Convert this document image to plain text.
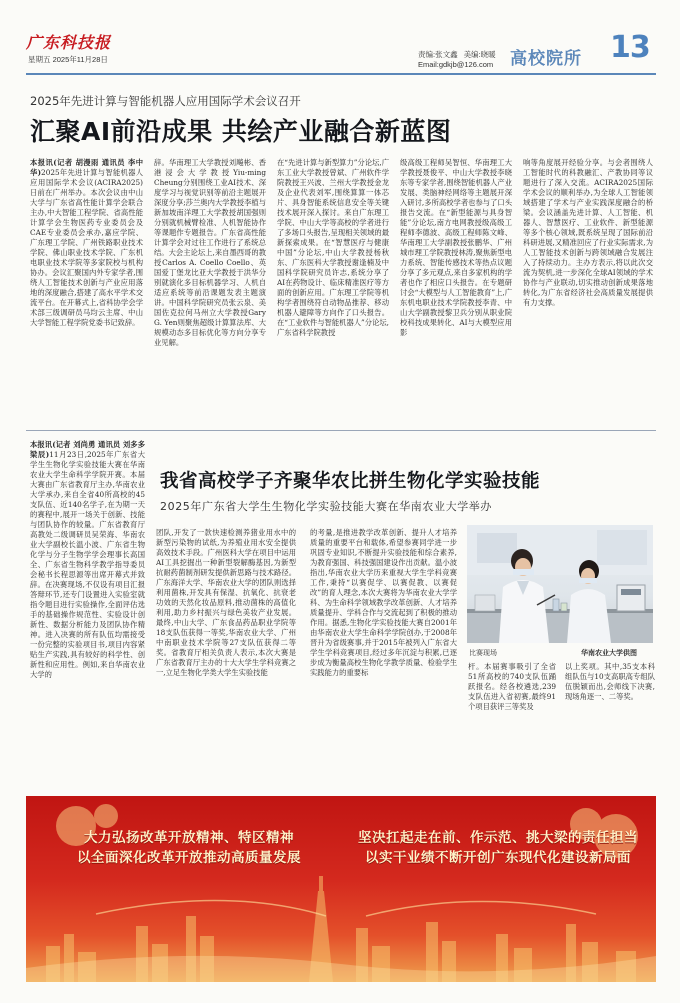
广东科技报
星期五 2025年11月28日
责编:张文鑫 美编:晓暖
Email:gdkjb@126.com 高校院所 13
2025年先进计算与智能机器人应用国际学术会议召开
汇聚AI前沿成果 共绘产业融合新蓝图
本报讯(记者 胡漫雨 通讯员 李中华)2025年先进计算与智能机器人应用国际学术会议(ACIRA2025)日前在广州举办。本次会议由中山大学与广东省高性能计算学会联合主办,中大智能工程学院、省高性能计算学会生物医药专业委员会及CAE专业委员会承办,嘉应学院、广东理工学院、广州铁路职业技术学院、佛山职业技术学院、广东机电职业技术学院等多家院校与机构协办。会议汇聚国内外专家学者,围绕人工智能技术创新与产业应用落地的深度融合,搭建了高水平学术交流平台。在开幕式上,省科协学会学术部三级调研员马均云主席、中山大学智能工程学院党委书记致辞。
辞。华南理工大学教授刘飚彬、香港浸会大学教授Yiu-ming Cheung分别围绕工业AI技术、深度学习与视觉识别等前沿主题展开深度分享;莎兰奥内大学教授李植与新加坡南洋理工大学教授胡国强则分别就机械臂检准、人机智能协作等课题作专题报告。广东省高性能计算学会对过往工作进行了系统总结。大会主论坛上,来自墨西哥的教授Carlos A. Coello Coello、英国爱丁堡龙比亚大学教授于洪华分别就演化多目标机器学习、人机自适应系统等前沿课题发表主题演讲。中国科学院研究员张云泉、美国佐克拉何马州立大学教授Gary G. Yen则聚焦超级计算算法库、大规模动态多目标优化等方向分享专业见解。
在“先进计算与新型算力”分论坛,广东工业大学教授曾斌、广州软件学院教授王兴波、兰州大学教授金龙及企业代表刘军,围绕算算一体芯片、具身智能系统信息安全等关键技术展开深入探讨。来自广东理工学院、中山大学等高校的学者进行了多场口头报告,呈现相关领域的最新探索成果。在“智慧医疗与健康中国”分论坛,中山大学教授杨秋东、广东医科大学教授谢逢楠及中国科学院研究员许志,系统分享了AI在药物设计、临床精准医疗等方面的创新应用。广东理工学院等机构学者围绕符自动物品推荐、移动机器人避障等方向作了口头报告。在“工业软件与智能机器人”分论坛,广东省科学院教授
级高级工程师吴智恒、华南理工大学教授聂俊平、中山大学教授李晓东等专家学者,围绕智能机器人产业发展、类脑神经网络等主题展开深入研讨,多所高校学者也参与了口头报告交流。在“新型能源与具身智能”分论坛,南方电网教授级高级工程师李德波、高级工程师陈文峰、华南理工大学副教授张鹏华、广州城市理工学院教授林涛,聚焦新型电力系统、智能传感技术等热点议题分享了多元观点,来自多家机构的学者也作了相应口头报告。在专题研讨会“大模型与人工智能教育”上,广东机电职业技术学院教授李青、中山大学副教授黎卫兵分别从职业院校科技成果转化、AI与大模型应用影
响等角度展开经验分享。与会者围绕人工智能时代的科教融汇、产教协同等议题进行了深入交流。ACIRA2025国际学术会议的顺利举办,为全球人工智能领域搭建了学术与产业实践深度融合的桥梁。会议涵盖先进计算、人工智能、机器人、智慧医疗、工业软件、新型能源等多个核心领域,既系统呈现了国际前沿科研进展,又精准回应了行业实际需求,为人工智能技术创新与跨领域融合发展注入了持续动力。主办方表示,将以此次交流为契机,进一步深化全球AI领域的学术协作与产业联动,切实推动创新成果落地转化,为广东省经济社会高质量发展提供有力支撑。
我省高校学子齐聚华农比拼生物化学实验技能
2025年广东省大学生生物化学实验技能大赛在华南农业大学举办
本报讯(记者 刘尚勇 通讯员 刘多多 梁辰)11月23日,2025年广东省大学生生物化学实验技能大赛在华南农业大学生命科学学院开赛。本届大赛由广东省教育厅主办,华南农业大学承办,来自全省40所高校的45支队伍、近140名学子,在为期一天的赛程中,展开一场关于创新、技能与团队协作的较量。广东省教育厅高教处二级调研员吴荣海、华南农业大学副校长温小波、广东省生物化学与分子生物学学会理事长高国全、广东省生物科学教学指导委员会秘书长程思源等出席开幕式并致辞。在决赛现场,不仅设有项目汇报答辩环节,还专门设置进入实验室就指令题目进行实验操作,全面评估选手的基础操作规范性、实验设计创新性、数据分析能力及团队协作精神。进入决赛的所有队伍均需接受一份完整的实验项目书,项目内容紧贴生产实践,具有较好的科学性、创新性和应用性。例如,来自华南农业大学的
团队,开发了一款快速检测养猪业用水中的新型污染物的试纸,为养殖业用水安全提供高效技术手段。广州医科大学在项目中运用AI工具挖掘出一种新型裂解酶基因,为新型抗耐药菌制剂研发提供新思路与技术路径。广东海洋大学、华南农业大学的团队则选择利用菌株,开发具有保湿、抗氧化、抗衰老功效的天然化妆品原料,推动菌株的高值化利用,助力乡村振兴与绿色美妆产业发展。最终,中山大学、广东食品药品职业学院等18支队伍获得一等奖,华南农业大学、广州中南职业技术学院等27支队伍获得二等奖。省教育厅相关负责人表示,本次大赛是广东省教育厅主办的十大大学生学科竞赛之一,立足生物化学类大学生实验技能
的考量,是推进教学改革创新、提升人才培养质量的重要平台和载体,希望参赛同学进一步巩固专业知识,不断提升实验技能和综合素养,为教育强国、科技强国建设作出贡献。温小波指出,华南农业大学历来重视大学生学科竞赛工作,秉持“以赛促学、以赛促教、以赛促改”的育人理念,本次大赛将为华南农业大学学科、为生命科学领域教学改革创新、人才培养质量提升、学科合作与交流起到了积极的推动作用。据悉,生物化学实验技能大赛自2001年由华南农业大学生命科学学院创办,于2008年晋升为省级赛事,并于2015年被列入广东省大学生学科竞赛项目,经过多年沉淀与积累,已逐步成为衡量高校生物化学教学质量、检验学生实践能力的重要标
杆。本届赛事吸引了全省51所高校的740支队伍踊跃报名。经各校遴选,239支队伍进入省初赛,最终91个项目获评三等奖及
以上奖项。其中,35支本科组队伍与10支高职高专组队伍脱颖而出,会师线下决赛,现场角逐一、二等奖。
比赛现场	华南农业大学供图
大力弘扬改革开放精神、特区精神
以全面深化改革开放推动高质量发展
坚决扛起走在前、作示范、挑大梁的责任担当
以实干业绩不断开创广东现代化建设新局面
